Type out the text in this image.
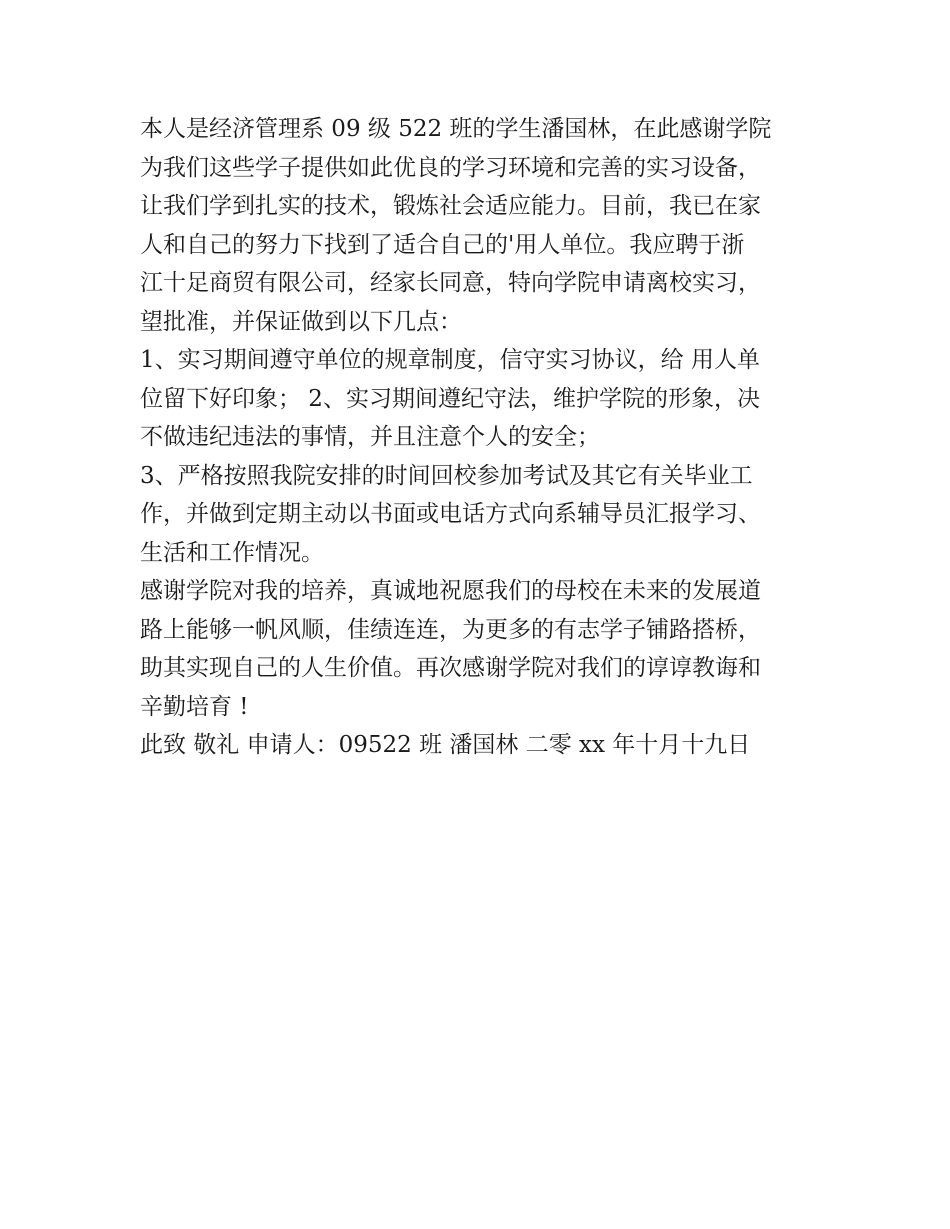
本人是经济管理系 09 级 522 班的学生潘国林，在此感谢学院
为我们这些学子提供如此优良的学习环境和完善的实习设备，
让我们学到扎实的技术，锻炼社会适应能力。目前，我已在家
人和自己的努力下找到了适合自己的'用人单位。我应聘于浙
江十足商贸有限公司，经家长同意，特向学院申请离校实习，
望批准，并保证做到以下几点：
1、实习期间遵守单位的规章制度，信守实习协议，给 用人单
位留下好印象； 2、实习期间遵纪守法，维护学院的形象，决
不做违纪违法的事情，并且注意个人的安全；
3、严格按照我院安排的时间回校参加考试及其它有关毕业工
作，并做到定期主动以书面或电话方式向系辅导员汇报学习、
生活和工作情况。
感谢学院对我的培养，真诚地祝愿我们的母校在未来的发展道
路上能够一帆风顺，佳绩连连，为更多的有志学子铺路搭桥，
助其实现自己的人生价值。再次感谢学院对我们的谆谆教诲和
辛勤培育 !
此致 敬礼 申请人：09522 班 潘国林 二零 xx 年十月十九日
